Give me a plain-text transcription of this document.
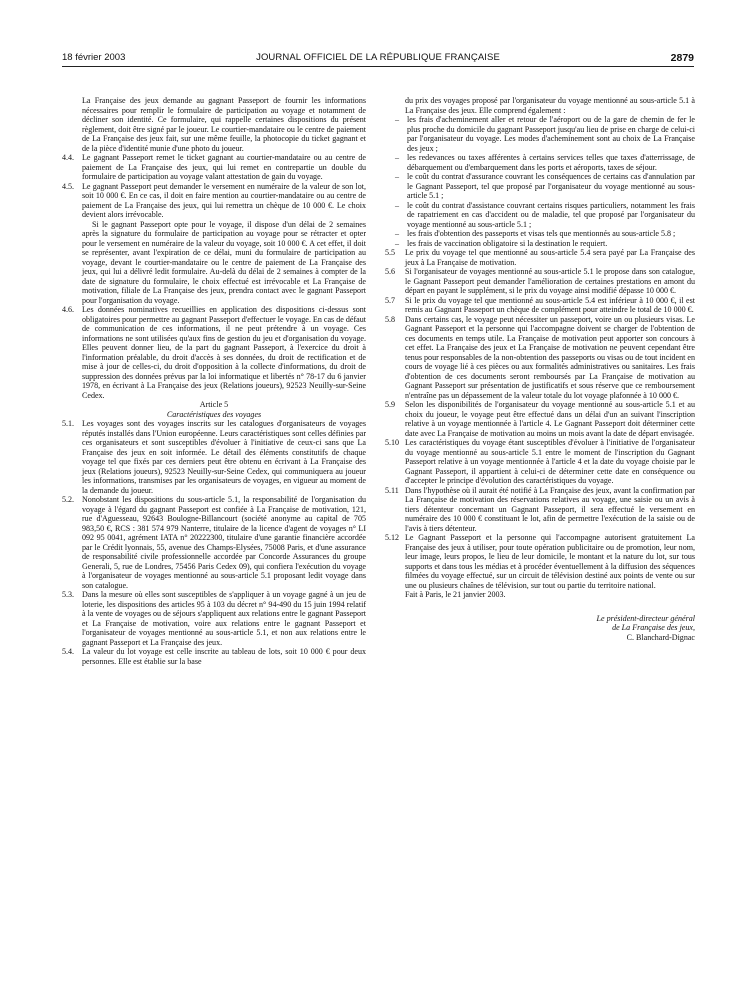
18 février 2003	JOURNAL OFFICIEL DE LA RÉPUBLIQUE FRANÇAISE	2879

La Française des jeux demande au gagnant Passeport de fournir les informations nécessaires pour remplir le formulaire de participation au voyage et notamment de décliner son identité. Ce formulaire, qui rappelle certaines dispositions du présent règlement, doit être signé par le joueur. Le courtier-mandataire ou le centre de paiement de La Française des jeux fait, sur une même feuille, la photocopie du ticket gagnant et de la pièce d'identité munie d'une photo du joueur.

4.4. Le gagnant Passeport remet le ticket gagnant au courtier-mandataire ou au centre de paiement de La Française des jeux, qui lui remet en contrepartie un double du formulaire de participation au voyage valant attestation de gain du voyage.

4.5. Le gagnant Passeport peut demander le versement en numéraire de la valeur de son lot, soit 10 000 €. En ce cas, il doit en faire mention au courtier-mandataire ou au centre de paiement de La Française des jeux, qui lui remettra un chèque de 10 000 €. Le choix devient alors irrévocable.

Si le gagnant Passeport opte pour le voyage, il dispose d'un délai de 2 semaines après la signature du formulaire de participation au voyage pour se rétracter et opter pour le versement en numéraire de la valeur du voyage, soit 10 000 €. A cet effet, il doit se représenter, avant l'expiration de ce délai, muni du formulaire de participation au voyage, devant le courtier-mandataire ou le centre de paiement de La Française des jeux, qui lui a délivré ledit formulaire. Au-delà du délai de 2 semaines à compter de la date de signature du formulaire, le choix effectué est irrévocable et La Française de motivation, filiale de La Française des jeux, prendra contact avec le gagnant Passeport pour l'organisation du voyage.

4.6. Les données nominatives recueillies en application des dispositions ci-dessus sont obligatoires pour permettre au gagnant Passeport d'effectuer le voyage. En cas de défaut de communication de ces informations, il ne peut prétendre à un voyage. Ces informations ne sont utilisées qu'aux fins de gestion du jeu et d'organisation du voyage. Elles peuvent donner lieu, de la part du gagnant Passeport, à l'exercice du droit à l'information préalable, du droit d'accès à ses données, du droit de rectification et de mise à jour de celles-ci, du droit d'opposition à la collecte d'informations, du droit de suppression des données prévus par la loi informatique et libertés n° 78-17 du 6 janvier 1978, en écrivant à La Française des jeux (Relations joueurs), 92523 Neuilly-sur-Seine Cedex.

Article 5

Caractéristiques des voyages

5.1. Les voyages sont des voyages inscrits sur les catalogues d'organisateurs de voyages réputés installés dans l'Union européenne. Leurs caractéristiques sont celles définies par ces organisateurs et sont susceptibles d'évoluer à l'initiative de ceux-ci sans que La Française des jeux en soit informée. Le détail des éléments constitutifs de chaque voyage tel que fixés par ces derniers peut être obtenu en écrivant à La Française des jeux (Relations joueurs), 92523 Neuilly-sur-Seine Cedex, qui communiquera au joueur les informations, transmises par les organisateurs de voyages, en vigueur au moment de la demande du joueur.

5.2. Nonobstant les dispositions du sous-article 5.1, la responsabilité de l'organisation du voyage à l'égard du gagnant Passeport est confiée à La Française de motivation, 121, rue d'Aguesseau, 92643 Boulogne-Billancourt (société anonyme au capital de 705 983,50 €, RCS : 381 574 979 Nanterre, titulaire de la licence d'agent de voyages n° LI 092 95 0041, agrément IATA n° 20222300, titulaire d'une garantie financière accordée par le Crédit lyonnais, 55, avenue des Champs-Elysées, 75008 Paris, et d'une assurance de responsabilité civile professionnelle accordée par Concorde Assurances du groupe Generali, 5, rue de Londres, 75456 Paris Cedex 09), qui confiera l'exécution du voyage à l'organisateur de voyages mentionné au sous-article 5.1 proposant ledit voyage dans son catalogue.

5.3. Dans la mesure où elles sont susceptibles de s'appliquer à un voyage gagné à un jeu de loterie, les dispositions des articles 95 à 103 du décret n° 94-490 du 15 juin 1994 relatif à la vente de voyages ou de séjours s'appliquent aux relations entre le gagnant Passeport et La Française de motivation, voire aux relations entre le gagnant Passeport et l'organisateur de voyages mentionné au sous-article 5.1, et non aux relations entre le gagnant Passeport et La Française des jeux.

5.4. La valeur du lot voyage est celle inscrite au tableau de lots, soit 10 000 € pour deux personnes. Elle est établie sur la base

du prix des voyages proposé par l'organisateur du voyage mentionné au sous-article 5.1 à La Française des jeux. Elle comprend également :

– les frais d'acheminement aller et retour de l'aéroport ou de la gare de chemin de fer le plus proche du domicile du gagnant Passeport jusqu'au lieu de prise en charge de celui-ci par l'organisateur du voyage. Les modes d'acheminement sont au choix de La Française des jeux ;

– les redevances ou taxes afférentes à certains services telles que taxes d'atterrissage, de débarquement ou d'embarquement dans les ports et aéroports, taxes de séjour.

– le coût du contrat d'assurance couvrant les conséquences de certains cas d'annulation par le Gagnant Passeport, tel que proposé par l'organisateur du voyage mentionné au sous-article 5.1 ;

– le coût du contrat d'assistance couvrant certains risques particuliers, notamment les frais de rapatriement en cas d'accident ou de maladie, tel que proposé par l'organisateur du voyage mentionné au sous-article 5.1 ;

– les frais d'obtention des passeports et visas tels que mentionnés au sous-article 5.8 ;

– les frais de vaccination obligatoire si la destination le requiert.

5.5 Le prix du voyage tel que mentionné au sous-article 5.4 sera payé par La Française des jeux à La Française de motivation.

5.6 Si l'organisateur de voyages mentionné au sous-article 5.1 le propose dans son catalogue, le Gagnant Passeport peut demander l'amélioration de certaines prestations en amont du départ en payant le supplément, si le prix du voyage ainsi modifié dépasse 10 000 €.

5.7 Si le prix du voyage tel que mentionné au sous-article 5.4 est inférieur à 10 000 €, il est remis au Gagnant Passeport un chèque de complément pour atteindre le total de 10 000 €.

5.8 Dans certains cas, le voyage peut nécessiter un passeport, voire un ou plusieurs visas. Le Gagnant Passeport et la personne qui l'accompagne doivent se charger de l'obtention de ces documents en temps utile. La Française de motivation peut apporter son concours à cet effet. La Française des jeux et La Française de motivation ne peuvent cependant être tenus pour responsables de la non-obtention des passeports ou visas ou de tout incident en cours de voyage lié à ces pièces ou aux formalités administratives ou sanitaires. Les frais d'obtention de ces documents seront remboursés par La Française de motivation au Gagnant Passeport sur présentation de justificatifs et sous réserve que ce remboursement n'entraîne pas un dépassement de la valeur totale du lot voyage plafonnée à 10 000 €.

5.9 Selon les disponibilités de l'organisateur du voyage mentionné au sous-article 5.1 et au choix du joueur, le voyage peut être effectué dans un délai d'un an suivant l'inscription relative à un voyage mentionnée à l'article 4. Le Gagnant Passeport doit déterminer cette date avec La Française de motivation au moins un mois avant la date de départ envisagée.

5.10 Les caractéristiques du voyage étant susceptibles d'évoluer à l'initiative de l'organisateur du voyage mentionné au sous-article 5.1 entre le moment de l'inscription du Gagnant Passeport relative à un voyage mentionnée à l'article 4 et la date du voyage choisie par le Gagnant Passeport, il appartient à celui-ci de déterminer cette date en conséquence ou d'accepter le principe d'évolution des caractéristiques du voyage.

5.11 Dans l'hypothèse où il aurait été notifié à La Française des jeux, avant la confirmation par La Française de motivation des réservations relatives au voyage, une saisie ou un avis à tiers détenteur concernant un Gagnant Passeport, il sera effectué le versement en numéraire des 10 000 € constituant le lot, afin de permettre l'exécution de la saisie ou de l'avis à tiers détenteur.

5.12 Le Gagnant Passeport et la personne qui l'accompagne autorisent gratuitement La Française des jeux à utiliser, pour toute opération publicitaire ou de promotion, leur nom, leur image, leurs propos, le lieu de leur domicile, le montant et la nature du lot, sur tous supports et dans tous les médias et à procéder éventuellement à la diffusion des séquences filmées du voyage effectué, sur un circuit de télévision destiné aux points de vente ou sur une ou plusieurs chaînes de télévision, sur tout ou partie du territoire national.

Fait à Paris, le 21 janvier 2003.

Le président-directeur général

de La Française des jeux,

C. Blanchard-Dignac
